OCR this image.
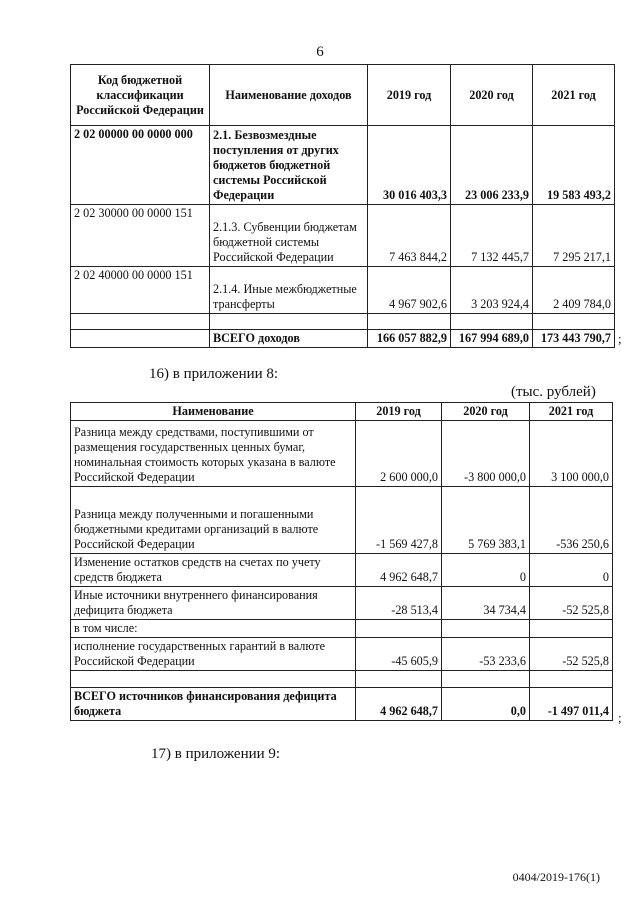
6
Код бюджетной классификации Российской Федерации	Наименование доходов	2019 год	2020 год	2021 год
2 02 00000 00 0000 000	2.1. Безвозмездные поступления от других бюджетов бюджетной системы Российской Федерации	30 016 403,3	23 006 233,9	19 583 493,2
2 02 30000 00 0000 151	2.1.3. Субвенции бюджетам бюджетной системы Российской Федерации	7 463 844,2	7 132 445,7	7 295 217,1
2 02 40000 00 0000 151	2.1.4. Иные межбюджетные трансферты	4 967 902,6	3 203 924,4	2 409 784,0

	ВСЕГО доходов	166 057 882,9	167 994 689,0	173 443 790,7 ;
16) в приложении 8:
(тыс. рублей)
Наименование	2019 год	2020 год	2021 год
Разница между средствами, поступившими от размещения государственных ценных бумаг, номинальная стоимость которых указана в валюте Российской Федерации	2 600 000,0	-3 800 000,0	3 100 000,0
Разница между полученными и погашенными бюджетными кредитами организаций в валюте Российской Федерации	-1 569 427,8	5 769 383,1	-536 250,6
Изменение остатков средств на счетах по учету средств бюджета	4 962 648,7	0	0
Иные источники внутреннего финансирования дефицита бюджета	-28 513,4	34 734,4	-52 525,8
в том числе:			
исполнение государственных гарантий в валюте Российской Федерации	-45 605,9	-53 233,6	-52 525,8

ВСЕГО источников финансирования дефицита бюджета	4 962 648,7	0,0	-1 497 011,4 ;
17) в приложении 9:
0404/2019-176(1)
